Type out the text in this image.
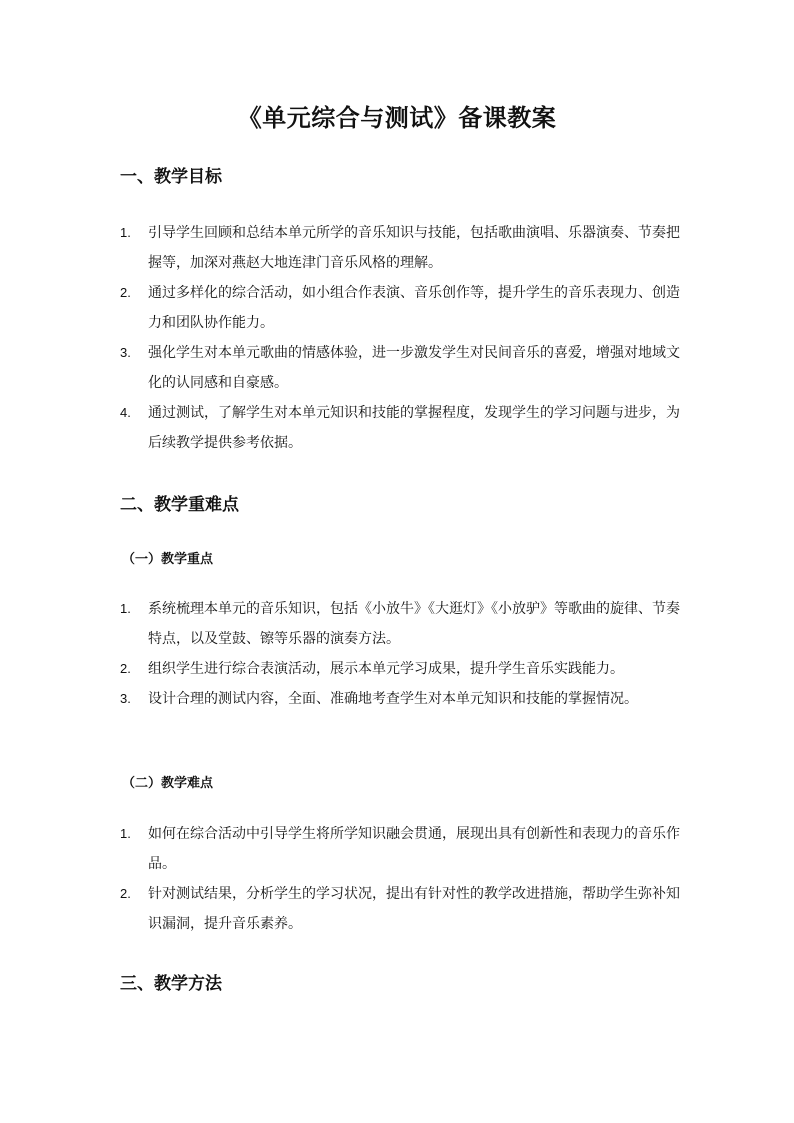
《单元综合与测试》备课教案
一、教学目标
1. 引导学生回顾和总结本单元所学的音乐知识与技能，包括歌曲演唱、乐器演奏、节奏把握等，加深对燕赵大地连津门音乐风格的理解。
2. 通过多样化的综合活动，如小组合作表演、音乐创作等，提升学生的音乐表现力、创造力和团队协作能力。
3. 强化学生对本单元歌曲的情感体验，进一步激发学生对民间音乐的喜爱，增强对地域文化的认同感和自豪感。
4. 通过测试，了解学生对本单元知识和技能的掌握程度，发现学生的学习问题与进步，为后续教学提供参考依据。
二、教学重难点
（一）教学重点
1. 系统梳理本单元的音乐知识，包括《小放牛》《大逛灯》《小放驴》等歌曲的旋律、节奏特点，以及堂鼓、镲等乐器的演奏方法。
2. 组织学生进行综合表演活动，展示本单元学习成果，提升学生音乐实践能力。
3. 设计合理的测试内容，全面、准确地考查学生对本单元知识和技能的掌握情况。
（二）教学难点
1. 如何在综合活动中引导学生将所学知识融会贯通，展现出具有创新性和表现力的音乐作品。
2. 针对测试结果，分析学生的学习状况，提出有针对性的教学改进措施，帮助学生弥补知识漏洞，提升音乐素养。
三、教学方法
